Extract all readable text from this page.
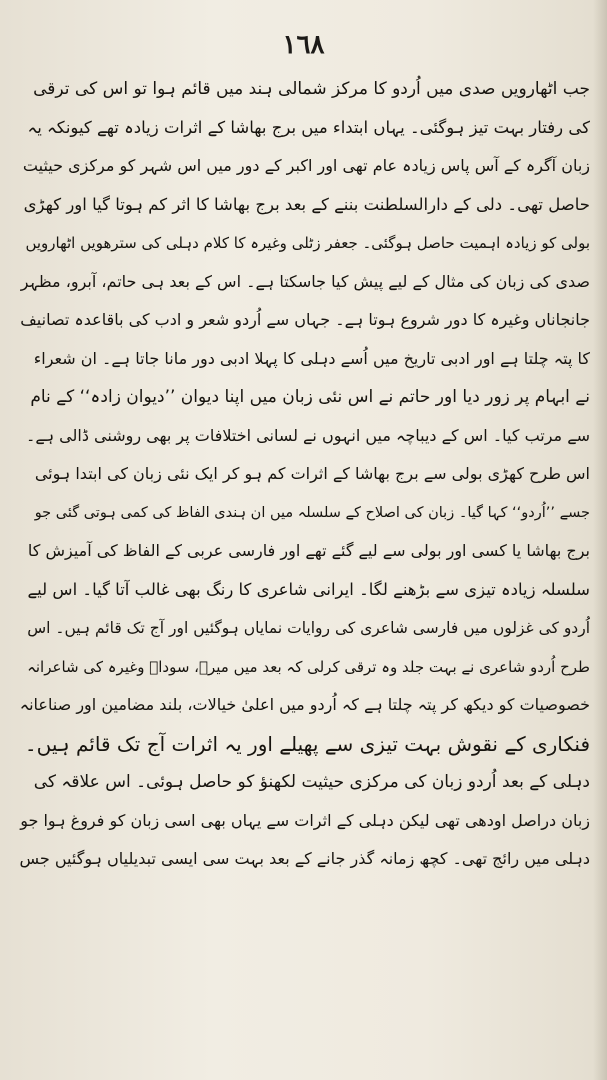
١٦٨
جب اٹھارویں صدی میں اُردو کا مرکز شمالی ہند میں قائم ہوا تو اس کی ترقی
کی رفتار بہت تیز ہوگئی۔ یہاں ابتداء میں برج بھاشا کے اثرات زیادہ تھے کیونکہ یہ
زبان آگرہ کے آس پاس زیادہ عام تھی اور اکبر کے دور میں اس شہر کو مرکزی حیثیت
حاصل تھی۔ دلی کے دارالسلطنت بننے کے بعد برج بھاشا کا اثر کم ہوتا گیا اور کھڑی
بولی کو زیادہ اہمیت حاصل ہوگئی۔ جعفر زٹلی وغیرہ کا کلام دہلی کی سترھویں اٹھارویں
صدی کی زبان کی مثال کے لیے پیش کیا جاسکتا ہے۔ اس کے بعد ہی حاتم، آبرو، مظہر
جانجاناں وغیرہ کا دور شروع ہوتا ہے۔ جہاں سے اُردو شعر و ادب کی باقاعدہ تصانیف
کا پتہ چلتا ہے اور ادبی تاریخ میں اُسے دہلی کا پہلا ادبی دور مانا جاتا ہے۔ ان شعراء
نے ابہام پر زور دیا اور حاتم نے اس نئی زبان میں اپنا دیوان ’’دیوان زادہ‘‘ کے نام
سے مرتب کیا۔ اس کے دیباچہ میں انہوں نے لسانی اختلافات پر بھی روشنی ڈالی ہے۔
اس طرح کھڑی بولی سے برج بھاشا کے اثرات کم ہو کر ایک نئی زبان کی ابتدا ہوئی
جسے ’’اُردو‘‘ کہا گیا۔ زبان کی اصلاح کے سلسلہ میں ان ہندی الفاظ کی کمی ہوتی گئی جو
برج بھاشا یا کسی اور بولی سے لیے گئے تھے اور فارسی عربی کے الفاظ کی آمیزش کا
سلسلہ زیادہ تیزی سے بڑھنے لگا۔ ایرانی شاعری کا رنگ بھی غالب آتا گیا۔ اس لیے
اُردو کی غزلوں میں فارسی شاعری کی روایات نمایاں ہوگئیں اور آج تک قائم ہیں۔ اس
طرح اُردو شاعری نے بہت جلد وہ ترقی کرلی کہ بعد میں میرؔ، سوداؔ وغیرہ کی شاعرانہ
خصوصیات کو دیکھ کر پتہ چلتا ہے کہ اُردو میں اعلیٰ خیالات، بلند مضامین اور صناعانہ
فنکاری کے نقوش بہت تیزی سے پھیلے اور یہ اثرات آج تک قائم ہیں۔
دہلی کے بعد اُردو زبان کی مرکزی حیثیت لکھنؤ کو حاصل ہوئی۔ اس علاقہ کی
زبان دراصل اودھی تھی لیکن دہلی کے اثرات سے یہاں بھی اسی زبان کو فروغ ہوا جو
دہلی میں رائج تھی۔ کچھ زمانہ گذر جانے کے بعد بہت سی ایسی تبدیلیاں ہوگئیں جس
